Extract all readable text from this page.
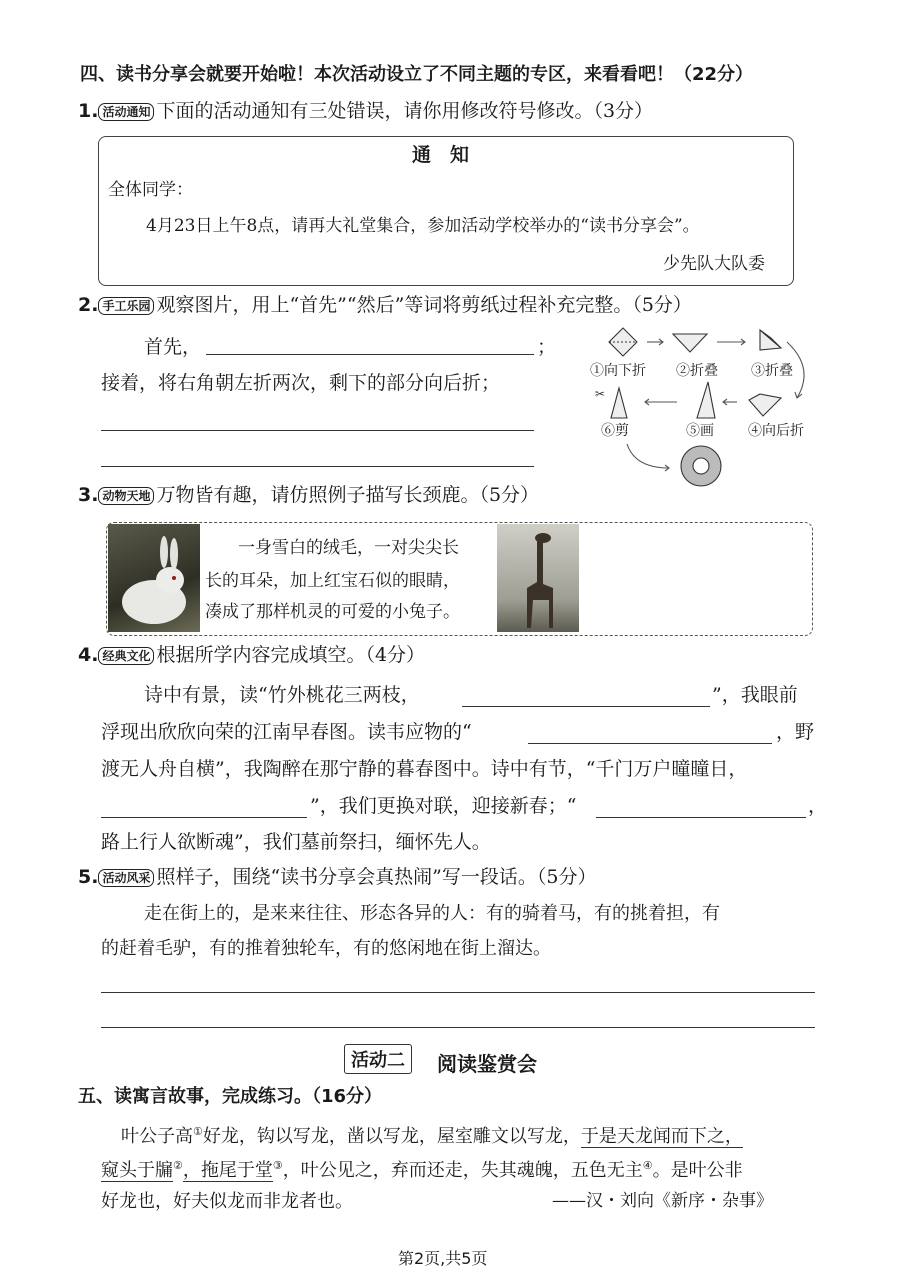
四、读书分享会就要开始啦！本次活动设立了不同主题的专区，来看看吧！（22分）
1. 活动通知 下面的活动通知有三处错误，请你用修改符号修改。（3分）
通　知
全体同学：
4月23日上午8点，请再大礼堂集合，参加活动学校举办的“读书分享会”。
少先队大队委
2. 手工乐园 观察图片，用上“首先”“然后”等词将剪纸过程补充完整。（5分）
首先，	；
接着，将右角朝左折两次，剩下的部分向后折；	✂
①向下折 ②折叠 ③折叠
④向后折
⑤画
⑥剪
3. 动物天地 万物皆有趣，请仿照例子描写长颈鹿。（5分）
一身雪白的绒毛，一对尖尖长
长的耳朵，加上红宝石似的眼睛，
凑成了那样机灵的可爱的小兔子。
4. 经典文化 根据所学内容完成填空。（4分）
诗中有景，读“竹外桃花三两枝，	”，我眼前
浮现出欣欣向荣的江南早春图。读韦应物的“	，野
渡无人舟自横”，我陶醉在那宁静的暮春图中。诗中有节，“千门万户曈曈日，
”，我们更换对联，迎接新春；“	，
路上行人欲断魂”，我们墓前祭扫，缅怀先人。
5. 活动风采 照样子，围绕“读书分享会真热闹”写一段话。（5分）
走在街上的，是来来往往、形态各异的人：有的骑着马，有的挑着担，有
的赶着毛驴，有的推着独轮车，有的悠闲地在街上溜达。
活动二 阅读鉴赏会
五、读寓言故事，完成练习。（16分）
叶公子高①好龙，钩以写龙，凿以写龙，屋室雕文以写龙，于是天龙闻而下之，
窥头于牖②，拖尾于堂③，叶公见之，弃而还走，失其魂魄，五色无主④。是叶公非
好龙也，好夫似龙而非龙者也。	——汉・刘向《新序・杂事》
第2页,共5页
